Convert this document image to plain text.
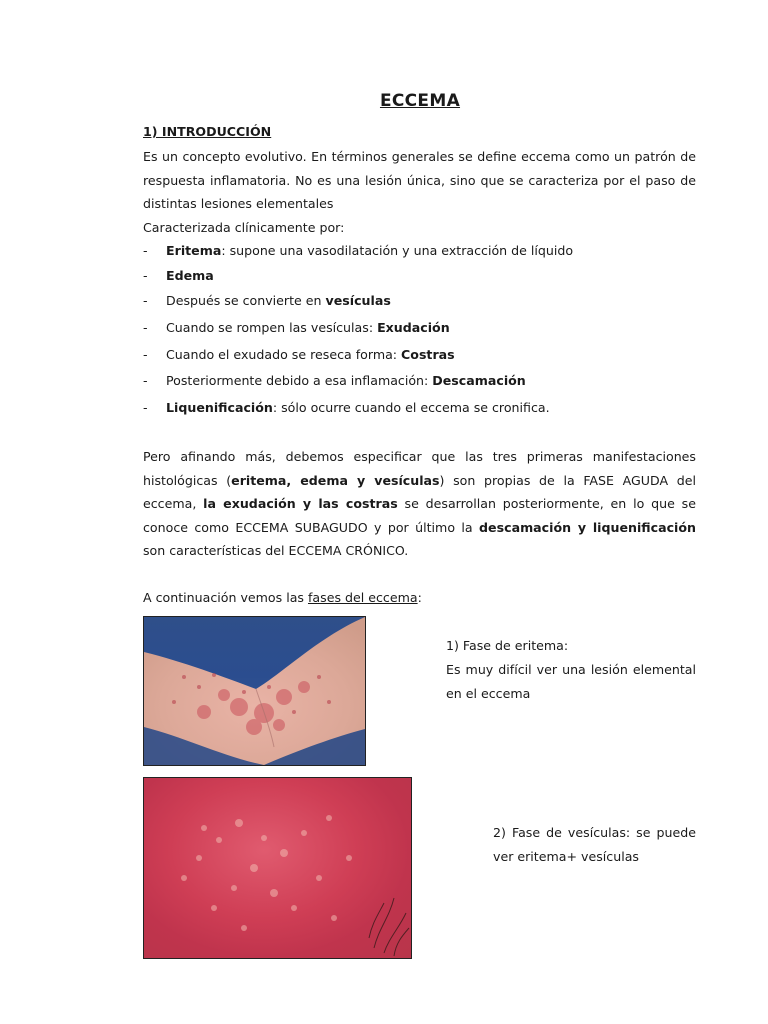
ECCEMA
1) INTRODUCCIÓN
Es un concepto evolutivo. En términos generales se define eccema como un patrón de respuesta inflamatoria. No es una lesión única, sino que se caracteriza por el paso de distintas lesiones elementales
Caracterizada clínicamente por:
- Eritema: supone una vasodilatación y una extracción de líquido
- Edema
- Después se convierte en vesículas
- Cuando se rompen las vesículas: Exudación
- Cuando el exudado se reseca forma: Costras
- Posteriormente debido a esa inflamación: Descamación
- Liquenificación: sólo ocurre cuando el eccema se cronifica.
Pero afinando más, debemos especificar que las tres primeras manifestaciones histológicas (eritema, edema y vesículas) son propias de la FASE AGUDA del eccema, la exudación y las costras se desarrollan posteriormente, en lo que se conoce como ECCEMA SUBAGUDO y por último la descamación y liquenificación son características del ECCEMA CRÓNICO.
A continuación vemos las fases del eccema:
1) Fase de eritema:
Es muy difícil ver una lesión elemental en el eccema
2) Fase de vesículas: se puede ver eritema+ vesículas
